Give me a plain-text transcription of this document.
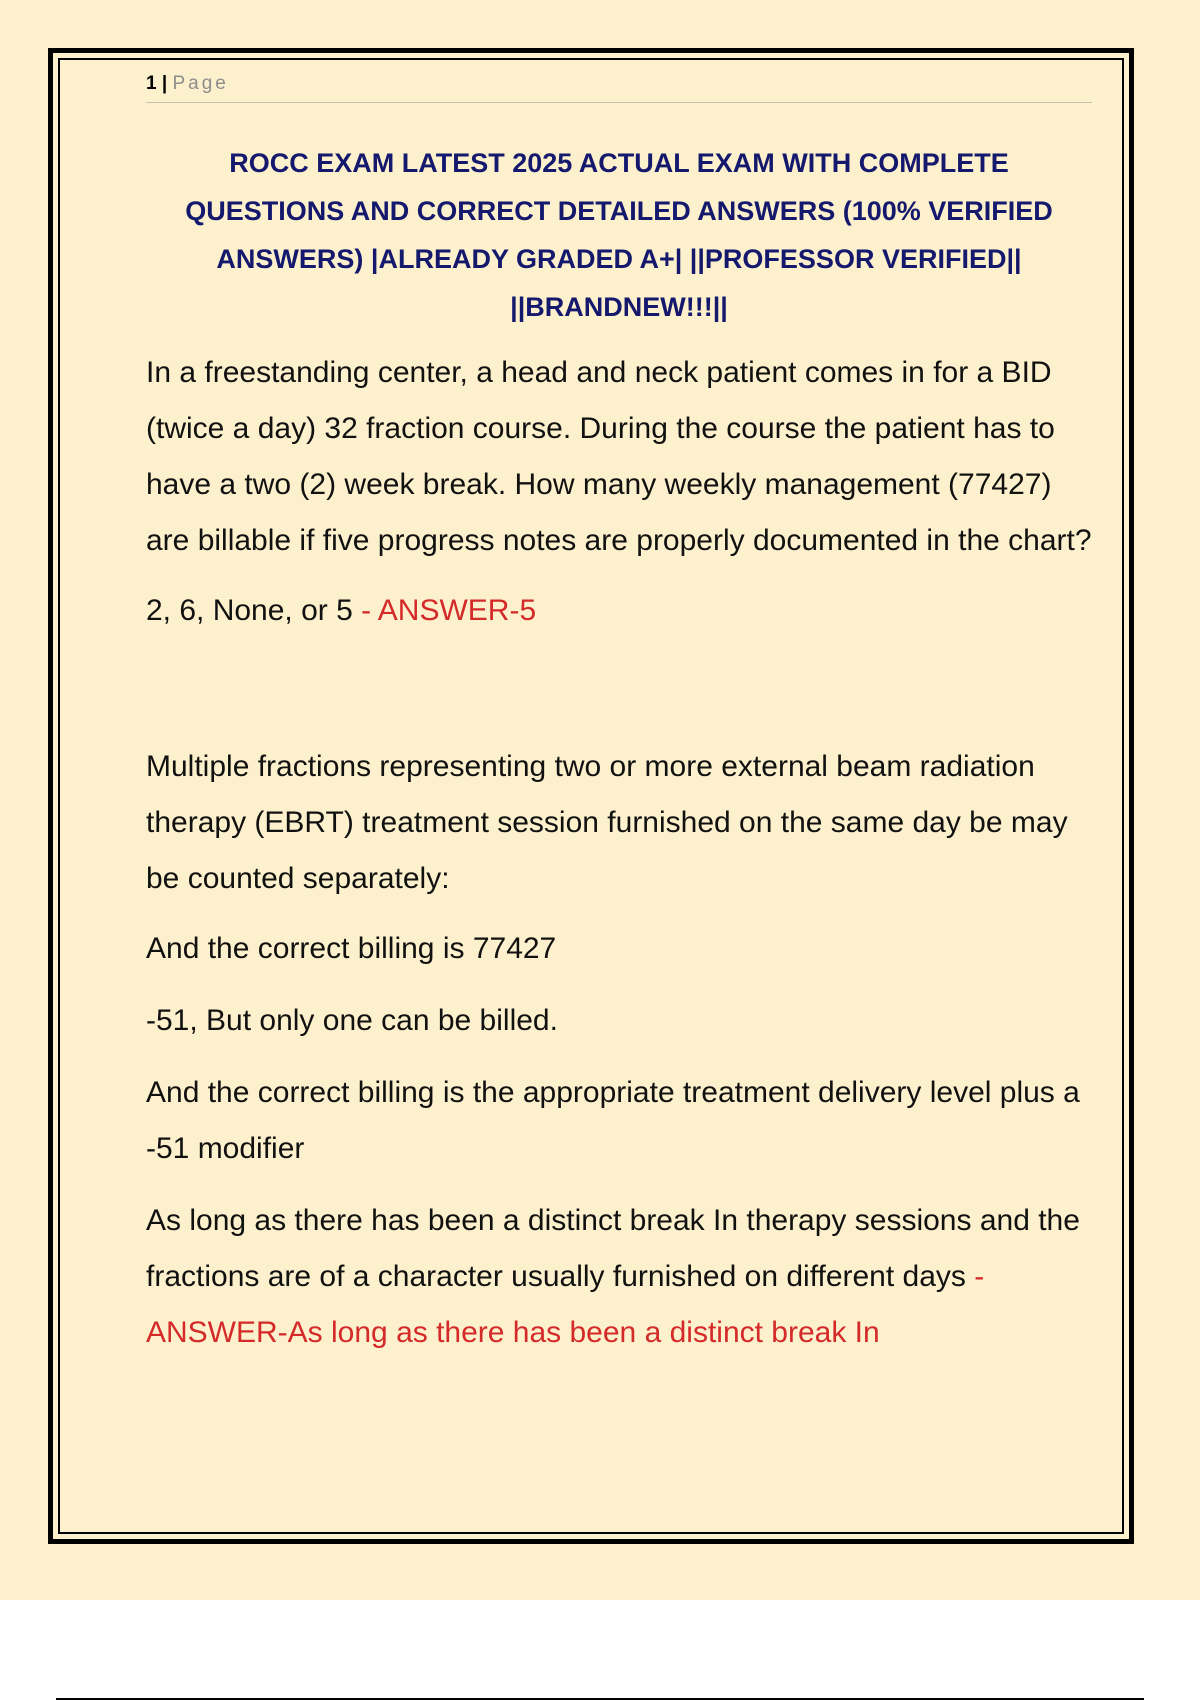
1 | Page
ROCC EXAM LATEST 2025 ACTUAL EXAM WITH COMPLETE
QUESTIONS AND CORRECT DETAILED ANSWERS (100% VERIFIED
ANSWERS) |ALREADY GRADED A+| ||PROFESSOR VERIFIED||
||BRANDNEW!!!||

In a freestanding center, a head and neck patient comes in for a BID (twice a day) 32 fraction course. During the course the patient has to have a two (2) week break. How many weekly management (77427) are billable if five progress notes are properly documented in the chart?

2, 6, None, or 5 - ANSWER-5

Multiple fractions representing two or more external beam radiation therapy (EBRT) treatment session furnished on the same day be may be counted separately:

And the correct billing is 77427

-51, But only one can be billed.

And the correct billing is the appropriate treatment delivery level plus a -51 modifier

As long as there has been a distinct break In therapy sessions and the fractions are of a character usually furnished on different days - ANSWER-As long as there has been a distinct break In
